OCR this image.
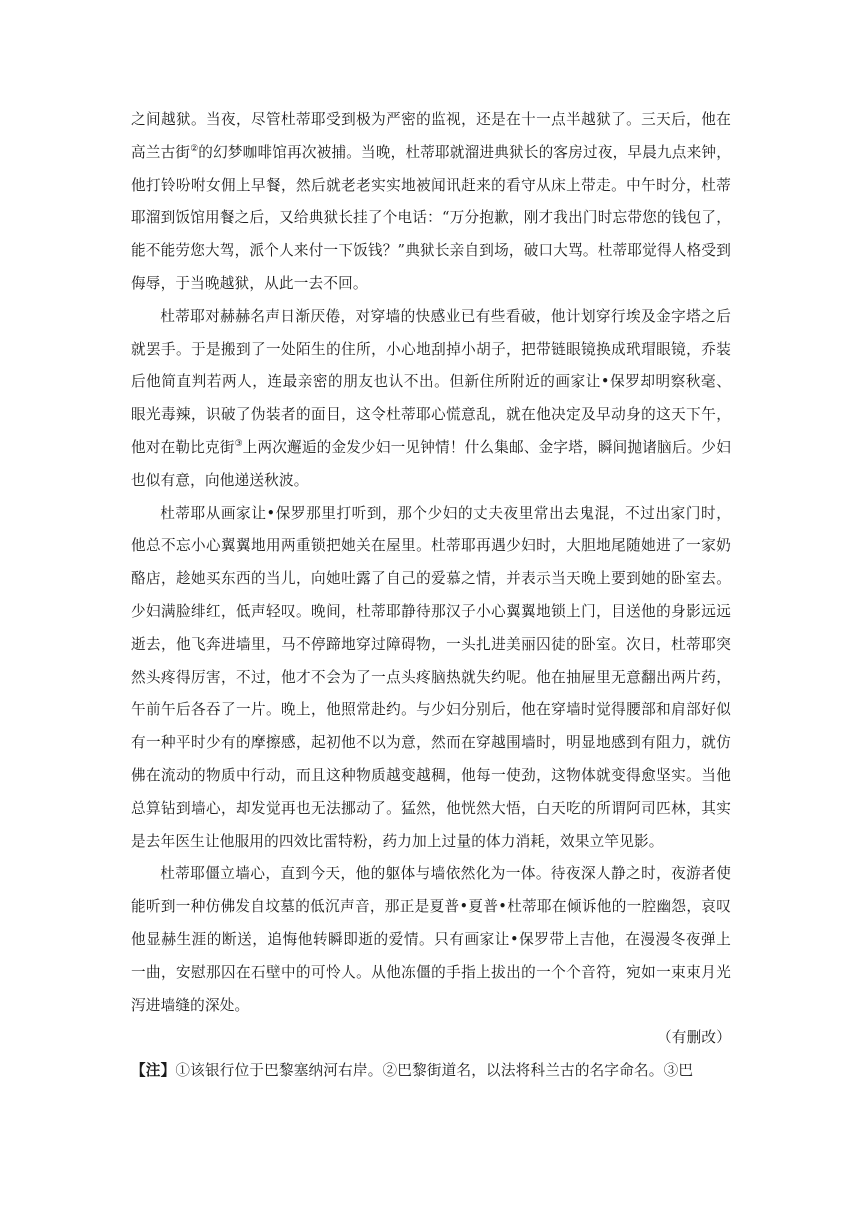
之间越狱。当夜，尽管杜蒂耶受到极为严密的监视，还是在十一点半越狱了。三天后，他在高兰古街②的幻梦咖啡馆再次被捕。当晚，杜蒂耶就溜进典狱长的客房过夜，早晨九点来钟，他打铃吩咐女佣上早餐，然后就老老实实地被闻讯赶来的看守从床上带走。中午时分，杜蒂耶溜到饭馆用餐之后，又给典狱长挂了个电话：“万分抱歉，刚才我出门时忘带您的钱包了，能不能劳您大驾，派个人来付一下饭钱？”典狱长亲自到场，破口大骂。杜蒂耶觉得人格受到侮辱，于当晚越狱，从此一去不回。

杜蒂耶对赫赫名声日渐厌倦，对穿墙的快感业已有些看破，他计划穿行埃及金字塔之后就罢手。于是搬到了一处陌生的住所，小心地刮掉小胡子，把带链眼镜换成玳瑁眼镜，乔装后他简直判若两人，连最亲密的朋友也认不出。但新住所附近的画家让•保罗却明察秋毫、眼光毒辣，识破了伪装者的面目，这令杜蒂耶心慌意乱，就在他决定及早动身的这天下午，他对在勒比克街③上两次邂逅的金发少妇一见钟情！什么集邮、金字塔，瞬间抛诸脑后。少妇也似有意，向他递送秋波。

杜蒂耶从画家让•保罗那里打听到，那个少妇的丈夫夜里常出去鬼混，不过出家门时，他总不忘小心翼翼地用两重锁把她关在屋里。杜蒂耶再遇少妇时，大胆地尾随她进了一家奶酪店，趁她买东西的当儿，向她吐露了自己的爱慕之情，并表示当天晚上要到她的卧室去。少妇满脸绯红，低声轻叹。晚间，杜蒂耶静待那汉子小心翼翼地锁上门，目送他的身影远远逝去，他飞奔进墙里，马不停蹄地穿过障碍物，一头扎进美丽囚徒的卧室。次日，杜蒂耶突然头疼得厉害，不过，他才不会为了一点头疼脑热就失约呢。他在抽屉里无意翻出两片药，午前午后各吞了一片。晚上，他照常赴约。与少妇分别后，他在穿墙时觉得腰部和肩部好似有一种平时少有的摩擦感，起初他不以为意，然而在穿越围墙时，明显地感到有阻力，就仿佛在流动的物质中行动，而且这种物质越变越稠，他每一使劲，这物体就变得愈坚实。当他总算钻到墙心，却发觉再也无法挪动了。猛然，他恍然大悟，白天吃的所谓阿司匹林，其实是去年医生让他服用的四效比雷特粉，药力加上过量的体力消耗，效果立竿见影。

杜蒂耶僵立墙心，直到今天，他的躯体与墙依然化为一体。待夜深人静之时，夜游者使能听到一种仿佛发自坟墓的低沉声音，那正是夏普•夏普•杜蒂耶在倾诉他的一腔幽怨，哀叹他显赫生涯的断送，追悔他转瞬即逝的爱情。只有画家让•保罗带上吉他，在漫漫冬夜弹上一曲，安慰那囚在石壁中的可怜人。从他冻僵的手指上拔出的一个个音符，宛如一束束月光泻进墙缝的深处。

（有删改）

【注】①该银行位于巴黎塞纳河右岸。②巴黎街道名，以法将科兰古的名字命名。③巴
